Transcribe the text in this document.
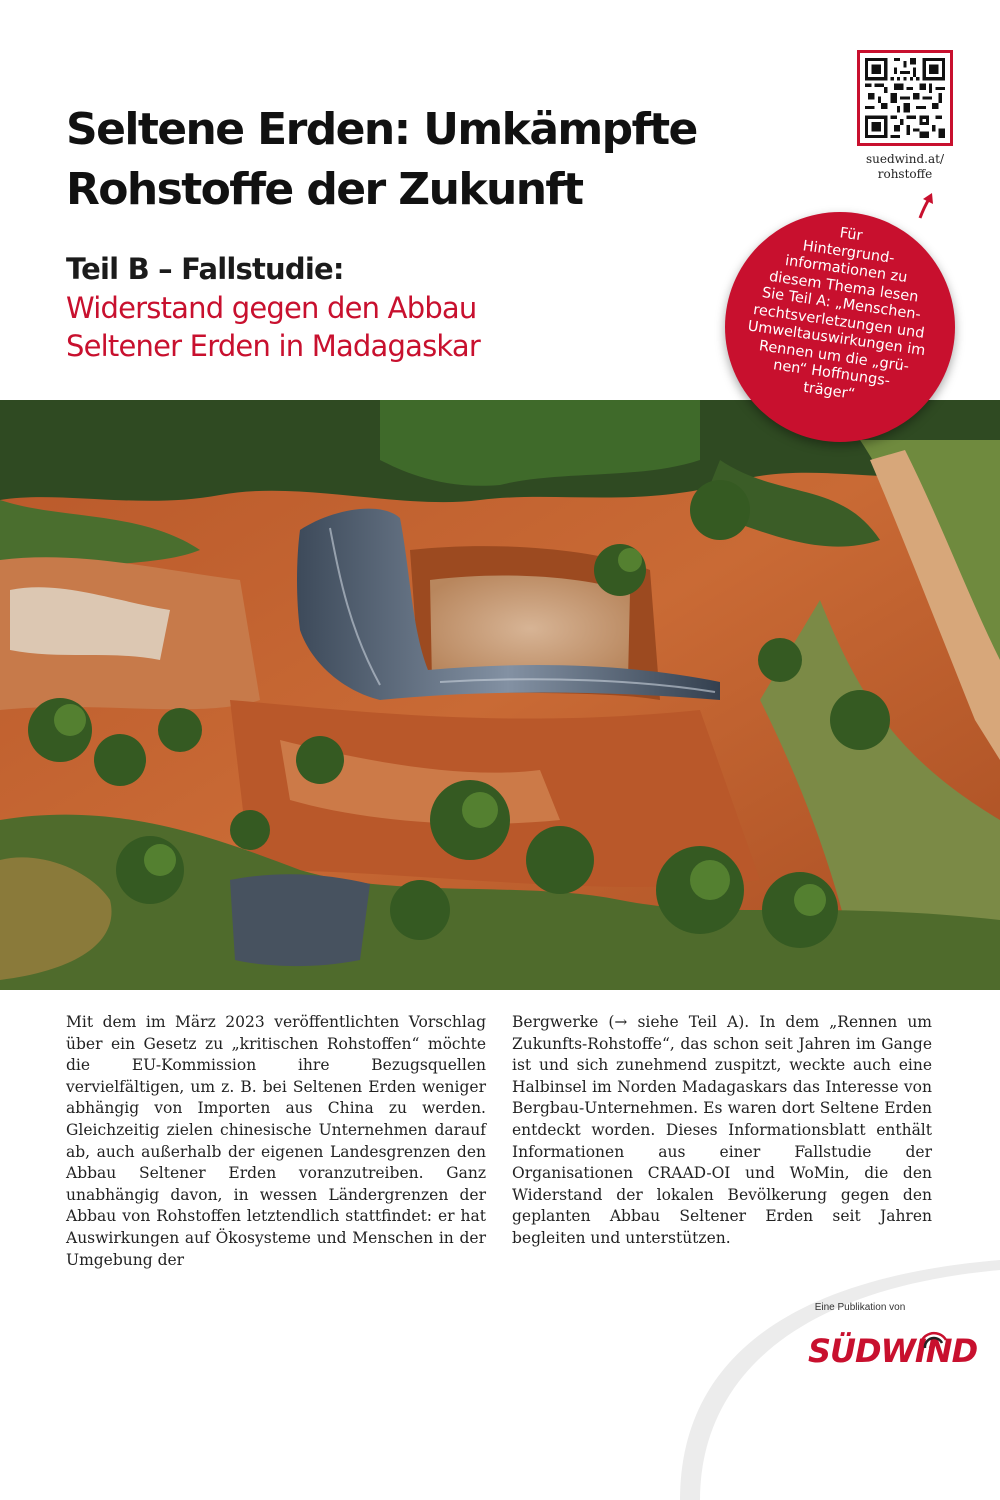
Seltene Erden: Umkämpfte
Rohstoffe der Zukunft
Teil B – Fallstudie:
Widerstand gegen den Abbau
Seltener Erden in Madagaskar
suedwind.at/
rohstoffe
Für
Hintergrund-
informationen zu
diesem Thema lesen
Sie Teil A: „Menschen-
rechtsverletzungen und
Umweltauswirkungen im
Rennen um die „grü-
nen“ Hoffnungs-
träger“

Mit dem im März 2023 veröffentlichten Vorschlag über ein Gesetz zu „kritischen Rohstoffen“ möchte die EU-Kommission ihre Bezugsquellen vervielfältigen, um z. B. bei Seltenen Erden weniger abhängig von Importen aus China zu werden. Gleichzeitig zielen chinesische Unternehmen darauf ab, auch außerhalb der eigenen Landesgrenzen den Abbau Seltener Erden voranzutreiben. Ganz unabhängig davon, in wessen Ländergrenzen der Abbau von Rohstoffen letztendlich stattfindet: er hat Auswirkungen auf Ökosysteme und Menschen in der Umgebung der

Bergwerke (→ siehe Teil A). In dem „Rennen um Zukunfts-Rohstoffe“, das schon seit Jahren im Gange ist und sich zunehmend zuspitzt, weckte auch eine Halbinsel im Norden Madagaskars das Interesse von Bergbau-Unternehmen. Es waren dort Seltene Erden entdeckt worden. Dieses Informationsblatt enthält Informationen aus einer Fallstudie der Organisationen CRAAD-OI und WoMin, die den Widerstand der lokalen Bevölkerung gegen den geplanten Abbau Seltener Erden seit Jahren begleiten und unterstützen.

Eine Publikation von
SÜDWIND
